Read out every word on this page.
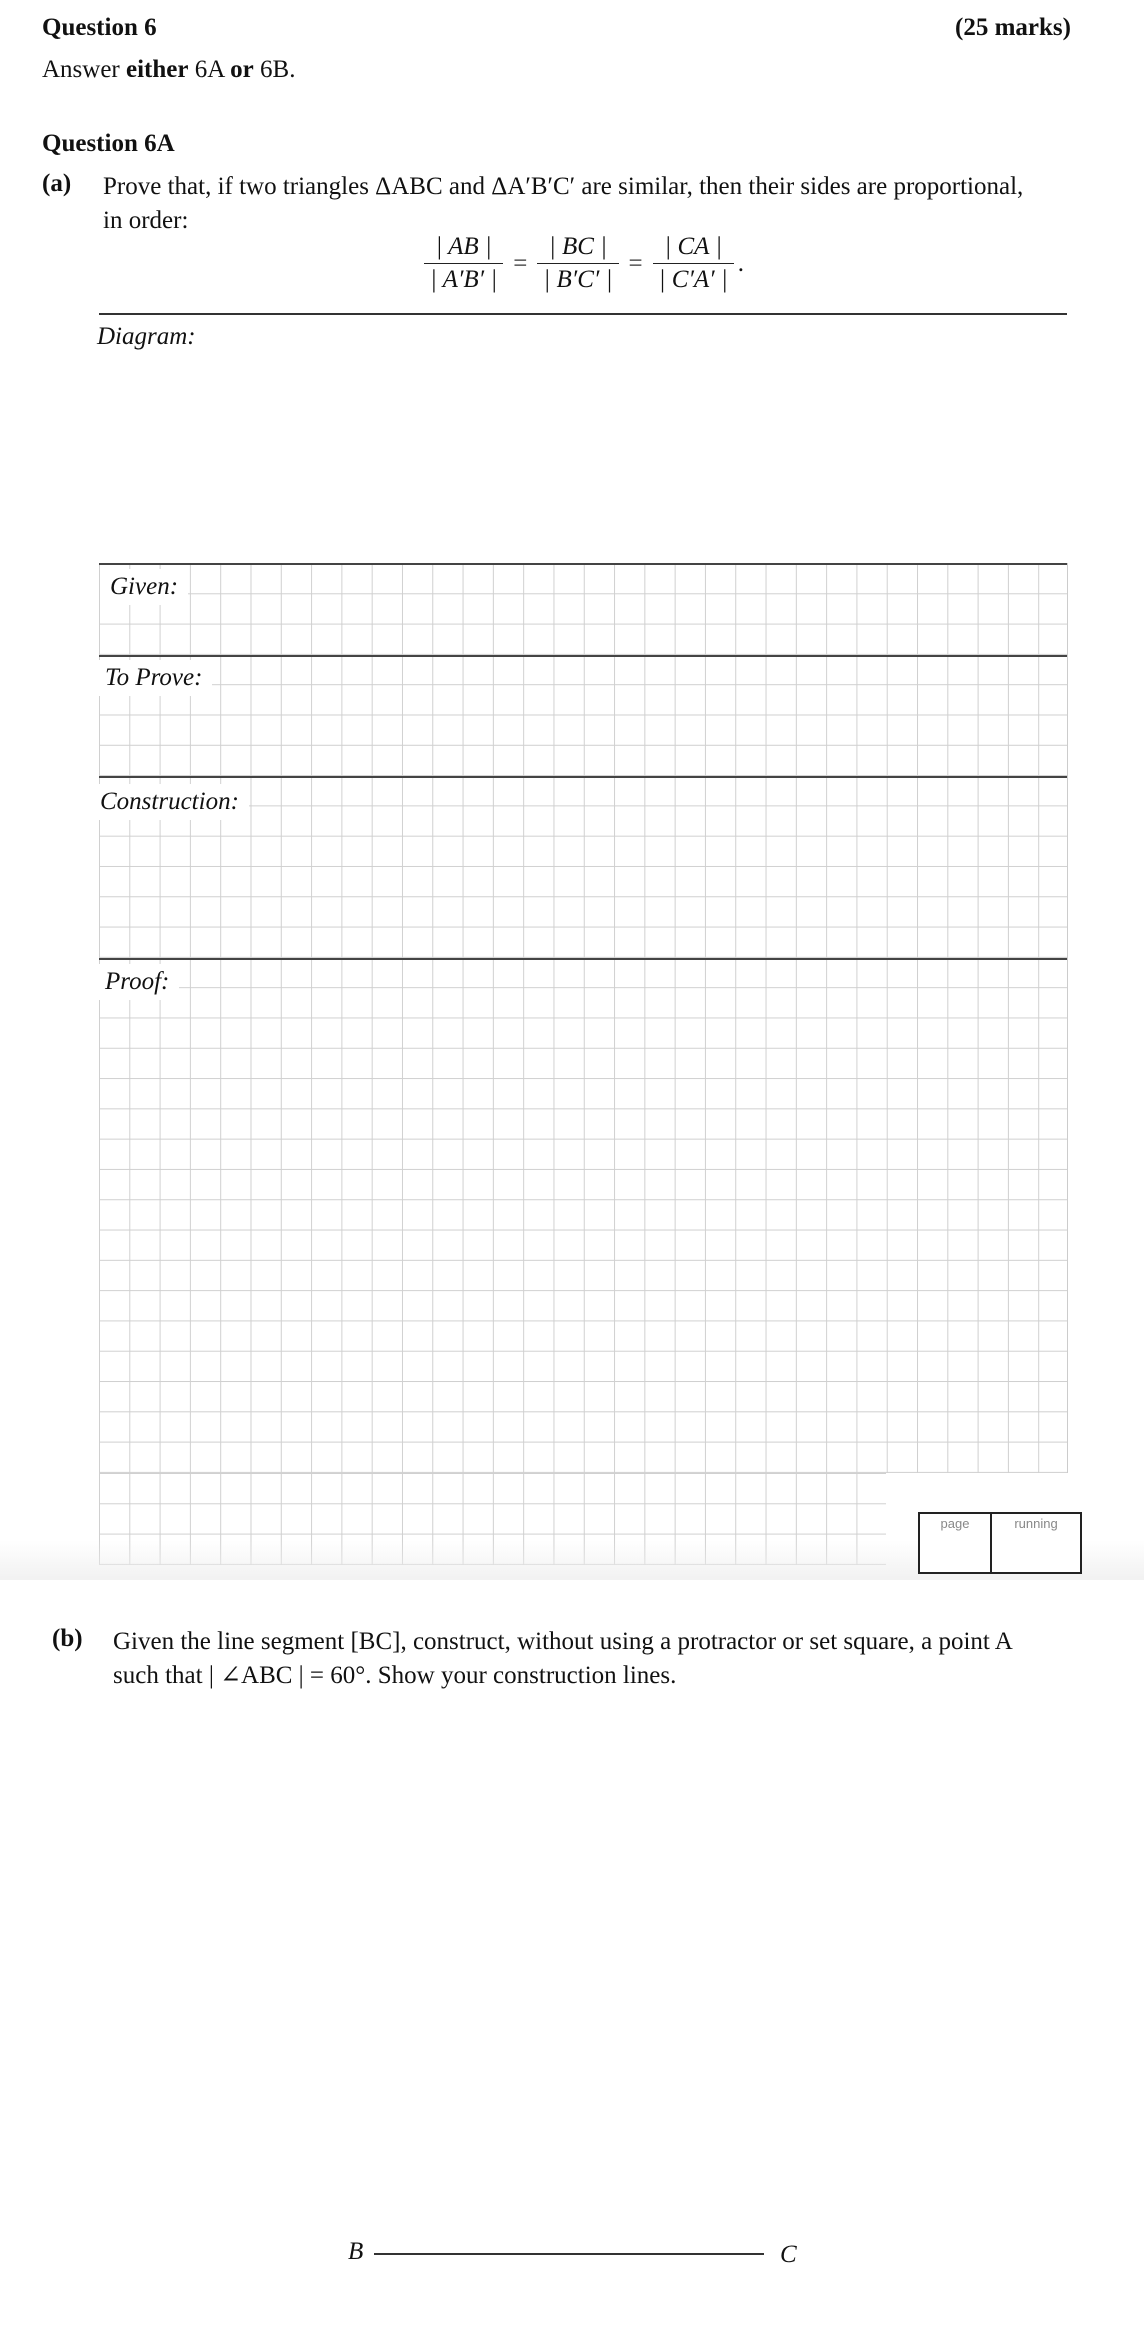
Question 6	(25 marks)
Answer either 6A or 6B.
Question 6A
(a) Prove that, if two triangles ΔABC and ΔA′B′C′ are similar, then their sides are proportional,
in order:
$\frac{| AB |}{| A'B' |} = \frac{| BC |}{| B'C' |} = \frac{| CA |}{| C'A' |}$ .
Diagram:
Given:
To Prove:
Construction:
Proof:
page	running
(b) Given the line segment [BC], construct, without using a protractor or set square, a point A
such that | ∠ABC | = 60°. Show your construction lines.
B	C
